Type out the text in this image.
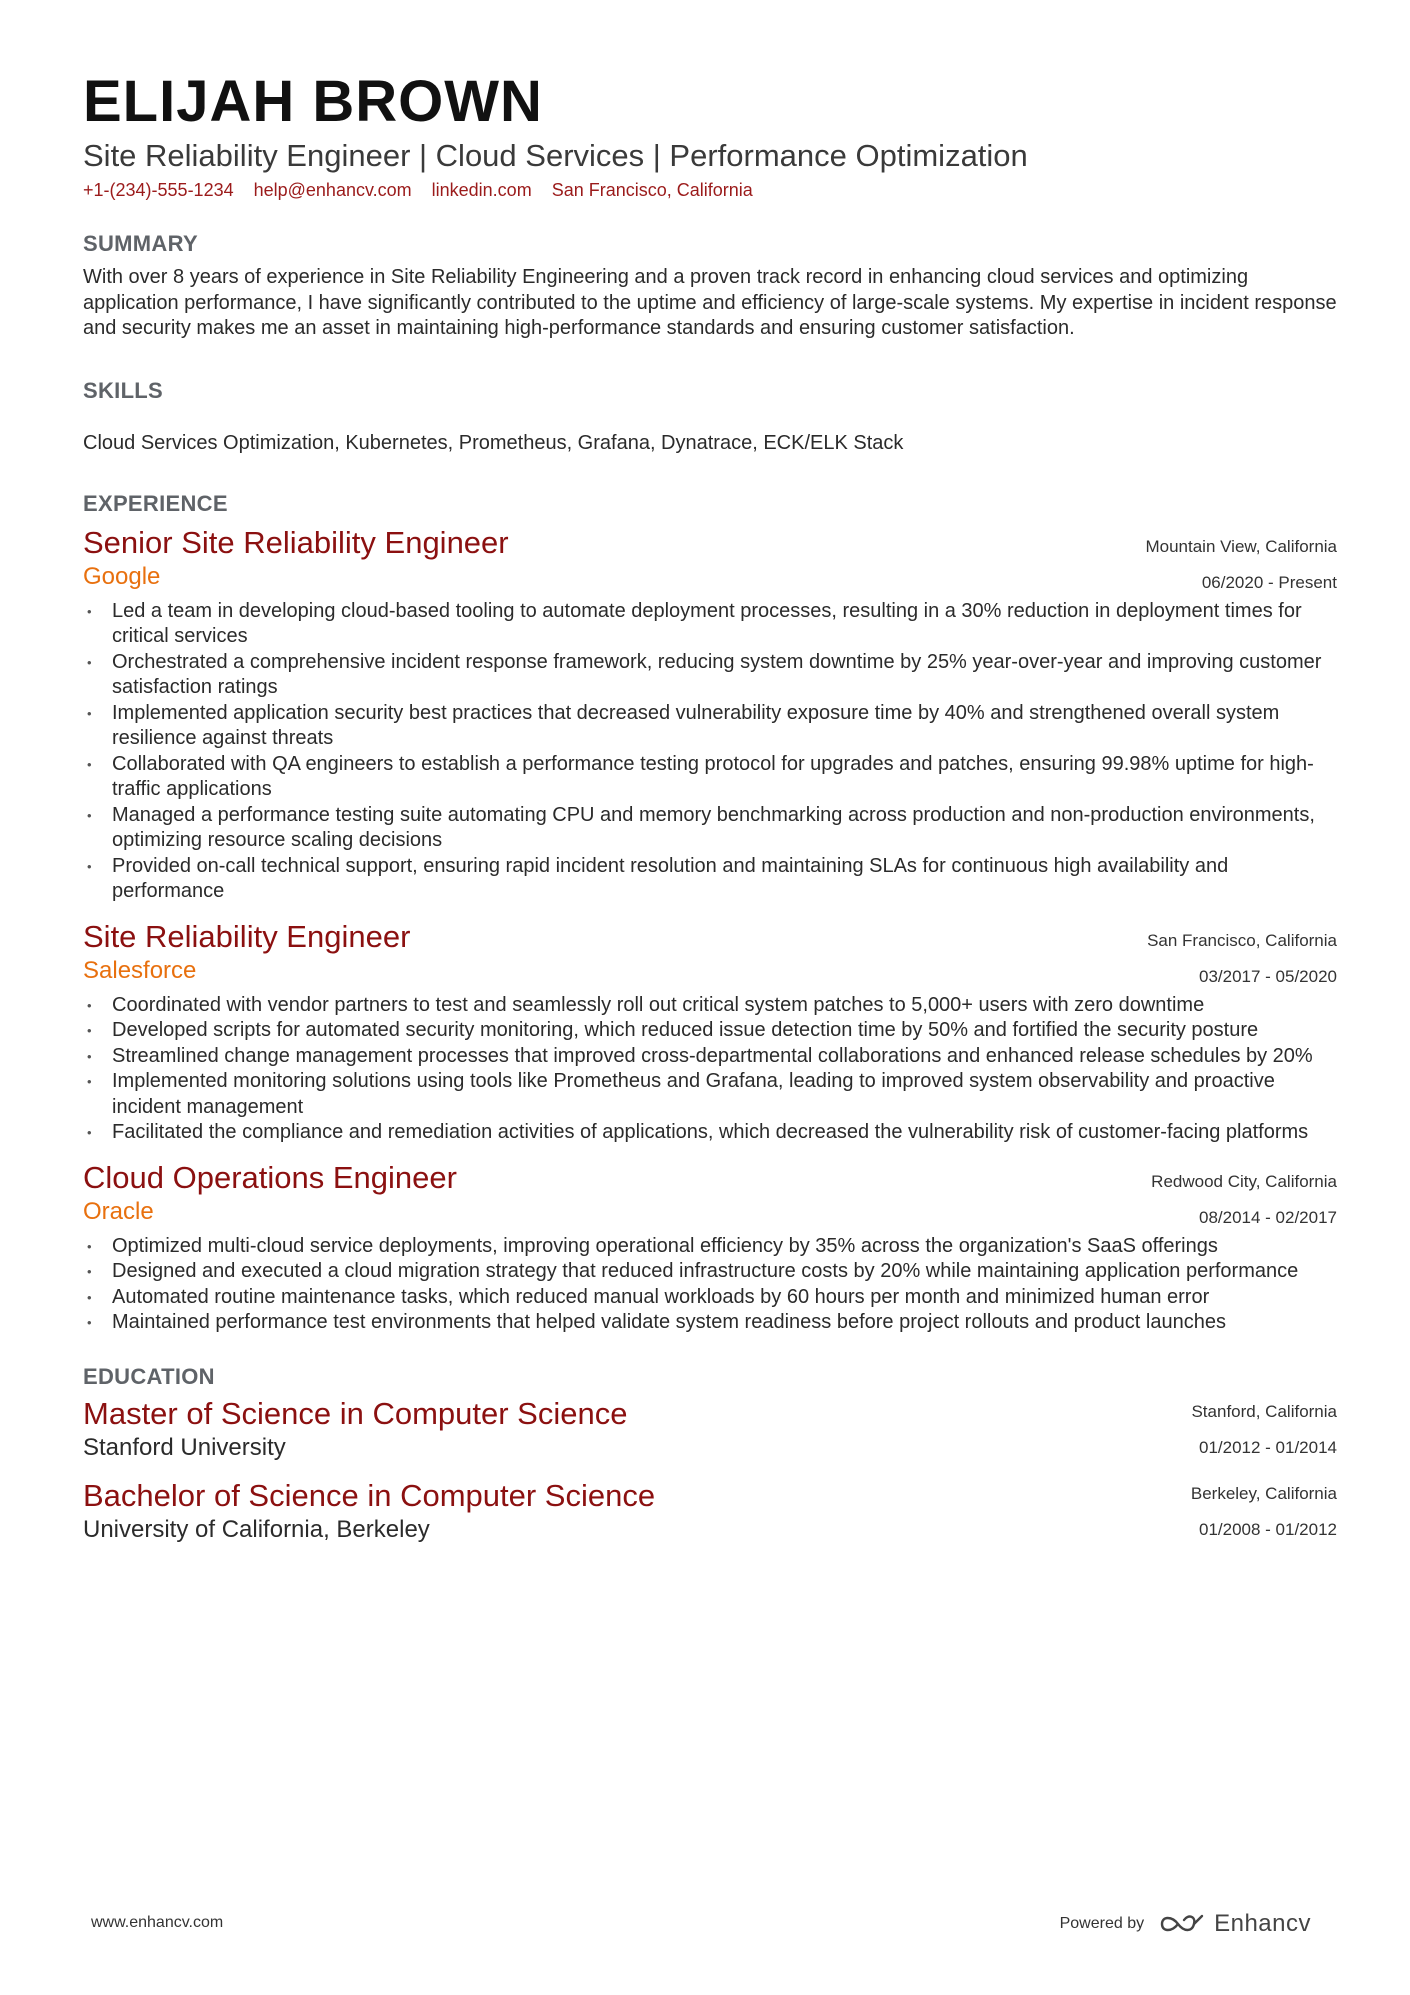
ELIJAH BROWN
Site Reliability Engineer | Cloud Services | Performance Optimization
+1-(234)-555-1234 help@enhancv.com linkedin.com San Francisco, California
SUMMARY
With over 8 years of experience in Site Reliability Engineering and a proven track record in enhancing cloud services and optimizing application performance, I have significantly contributed to the uptime and efficiency of large-scale systems. My expertise in incident response and security makes me an asset in maintaining high-performance standards and ensuring customer satisfaction.
SKILLS
Cloud Services Optimization, Kubernetes, Prometheus, Grafana, Dynatrace, ECK/ELK Stack
EXPERIENCE
Senior Site Reliability Engineer
Google
Mountain View, California
06/2020 - Present
• Led a team in developing cloud-based tooling to automate deployment processes, resulting in a 30% reduction in deployment times for critical services
• Orchestrated a comprehensive incident response framework, reducing system downtime by 25% year-over-year and improving customer satisfaction ratings
• Implemented application security best practices that decreased vulnerability exposure time by 40% and strengthened overall system resilience against threats
• Collaborated with QA engineers to establish a performance testing protocol for upgrades and patches, ensuring 99.98% uptime for high-traffic applications
• Managed a performance testing suite automating CPU and memory benchmarking across production and non-production environments, optimizing resource scaling decisions
• Provided on-call technical support, ensuring rapid incident resolution and maintaining SLAs for continuous high availability and performance
Site Reliability Engineer
Salesforce
San Francisco, California
03/2017 - 05/2020
• Coordinated with vendor partners to test and seamlessly roll out critical system patches to 5,000+ users with zero downtime
• Developed scripts for automated security monitoring, which reduced issue detection time by 50% and fortified the security posture
• Streamlined change management processes that improved cross-departmental collaborations and enhanced release schedules by 20%
• Implemented monitoring solutions using tools like Prometheus and Grafana, leading to improved system observability and proactive incident management
• Facilitated the compliance and remediation activities of applications, which decreased the vulnerability risk of customer-facing platforms
Cloud Operations Engineer
Oracle
Redwood City, California
08/2014 - 02/2017
• Optimized multi-cloud service deployments, improving operational efficiency by 35% across the organization's SaaS offerings
• Designed and executed a cloud migration strategy that reduced infrastructure costs by 20% while maintaining application performance
• Automated routine maintenance tasks, which reduced manual workloads by 60 hours per month and minimized human error
• Maintained performance test environments that helped validate system readiness before project rollouts and product launches
EDUCATION
Master of Science in Computer Science
Stanford University
Stanford, California
01/2012 - 01/2014
Bachelor of Science in Computer Science
University of California, Berkeley
Berkeley, California
01/2008 - 01/2012
www.enhancv.com	Powered by	Enhancv
